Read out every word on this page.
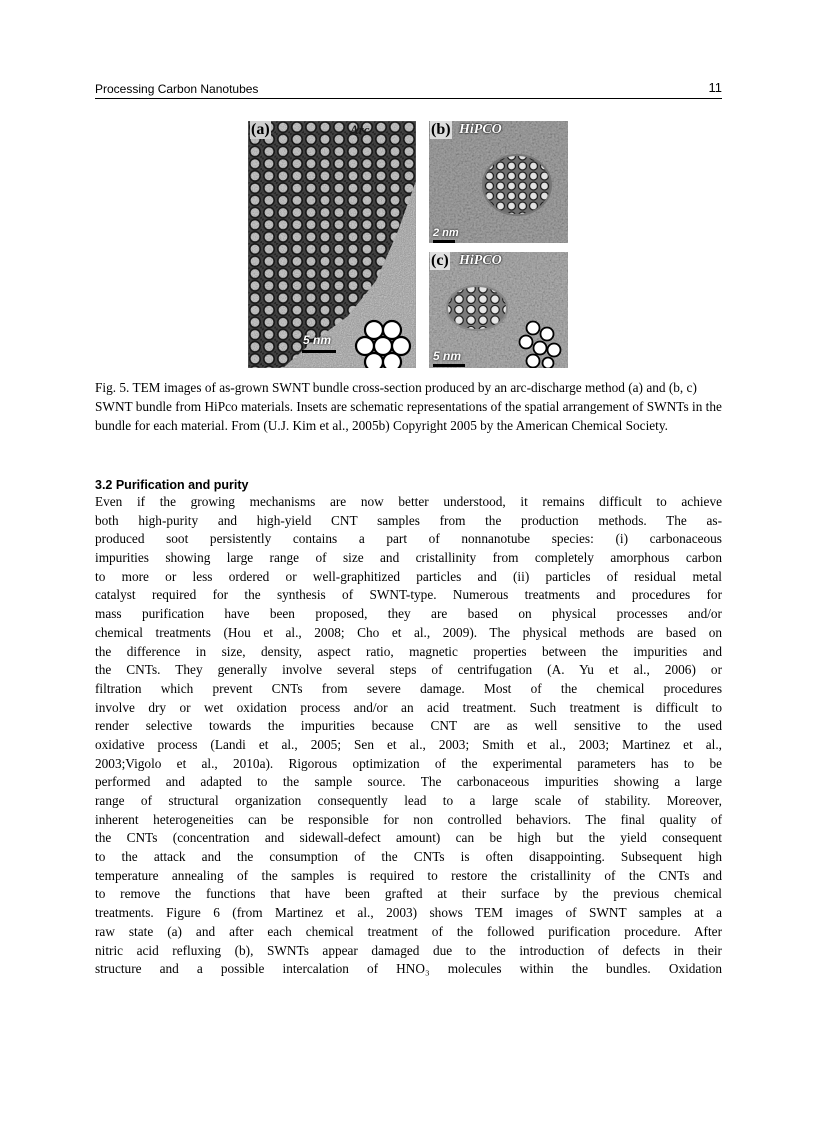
Processing Carbon Nanotubes	11
(a)	Arc
5 nm
(b) HiPCO
2 nm
(c) HiPCO
5 nm

Fig. 5. TEM images of as-grown SWNT bundle cross-section produced by an arc-discharge method (a) and (b, c) SWNT bundle from HiPco materials. Insets are schematic representations of the spatial arrangement of SWNTs in the bundle for each material. From (U.J. Kim et al., 2005b) Copyright 2005 by the American Chemical Society.

3.2 Purification and purity
Even if the growing mechanisms are now better understood, it remains difficult to achieve
both high-purity and high-yield CNT samples from the production methods. The as-
produced soot persistently contains a part of nonnanotube species: (i) carbonaceous
impurities showing large range of size and cristallinity from completely amorphous carbon
to more or less ordered or well-graphitized particles and (ii) particles of residual metal
catalyst required for the synthesis of SWNT-type. Numerous treatments and procedures for
mass purification have been proposed, they are based on physical processes and/or
chemical treatments (Hou et al., 2008; Cho et al., 2009). The physical methods are based on
the difference in size, density, aspect ratio, magnetic properties between the impurities and
the CNTs. They generally involve several steps of centrifugation (A. Yu et al., 2006) or
filtration which prevent CNTs from severe damage. Most of the chemical procedures
involve dry or wet oxidation process and/or an acid treatment. Such treatment is difficult to
render selective towards the impurities because CNT are as well sensitive to the used
oxidative process (Landi et al., 2005; Sen et al., 2003; Smith et al., 2003; Martinez et al.,
2003;Vigolo et al., 2010a). Rigorous optimization of the experimental parameters has to be
performed and adapted to the sample source. The carbonaceous impurities showing a large
range of structural organization consequently lead to a large scale of stability. Moreover,
inherent heterogeneities can be responsible for non controlled behaviors. The final quality of
the CNTs (concentration and sidewall-defect amount) can be high but the yield consequent
to the attack and the consumption of the CNTs is often disappointing. Subsequent high
temperature annealing of the samples is required to restore the cristallinity of the CNTs and
to remove the functions that have been grafted at their surface by the previous chemical
treatments. Figure 6 (from Martinez et al., 2003) shows TEM images of SWNT samples at a
raw state (a) and after each chemical treatment of the followed purification procedure. After
nitric acid refluxing (b), SWNTs appear damaged due to the introduction of defects in their
structure and a possible intercalation of HNO₃ molecules within the bundles. Oxidation
